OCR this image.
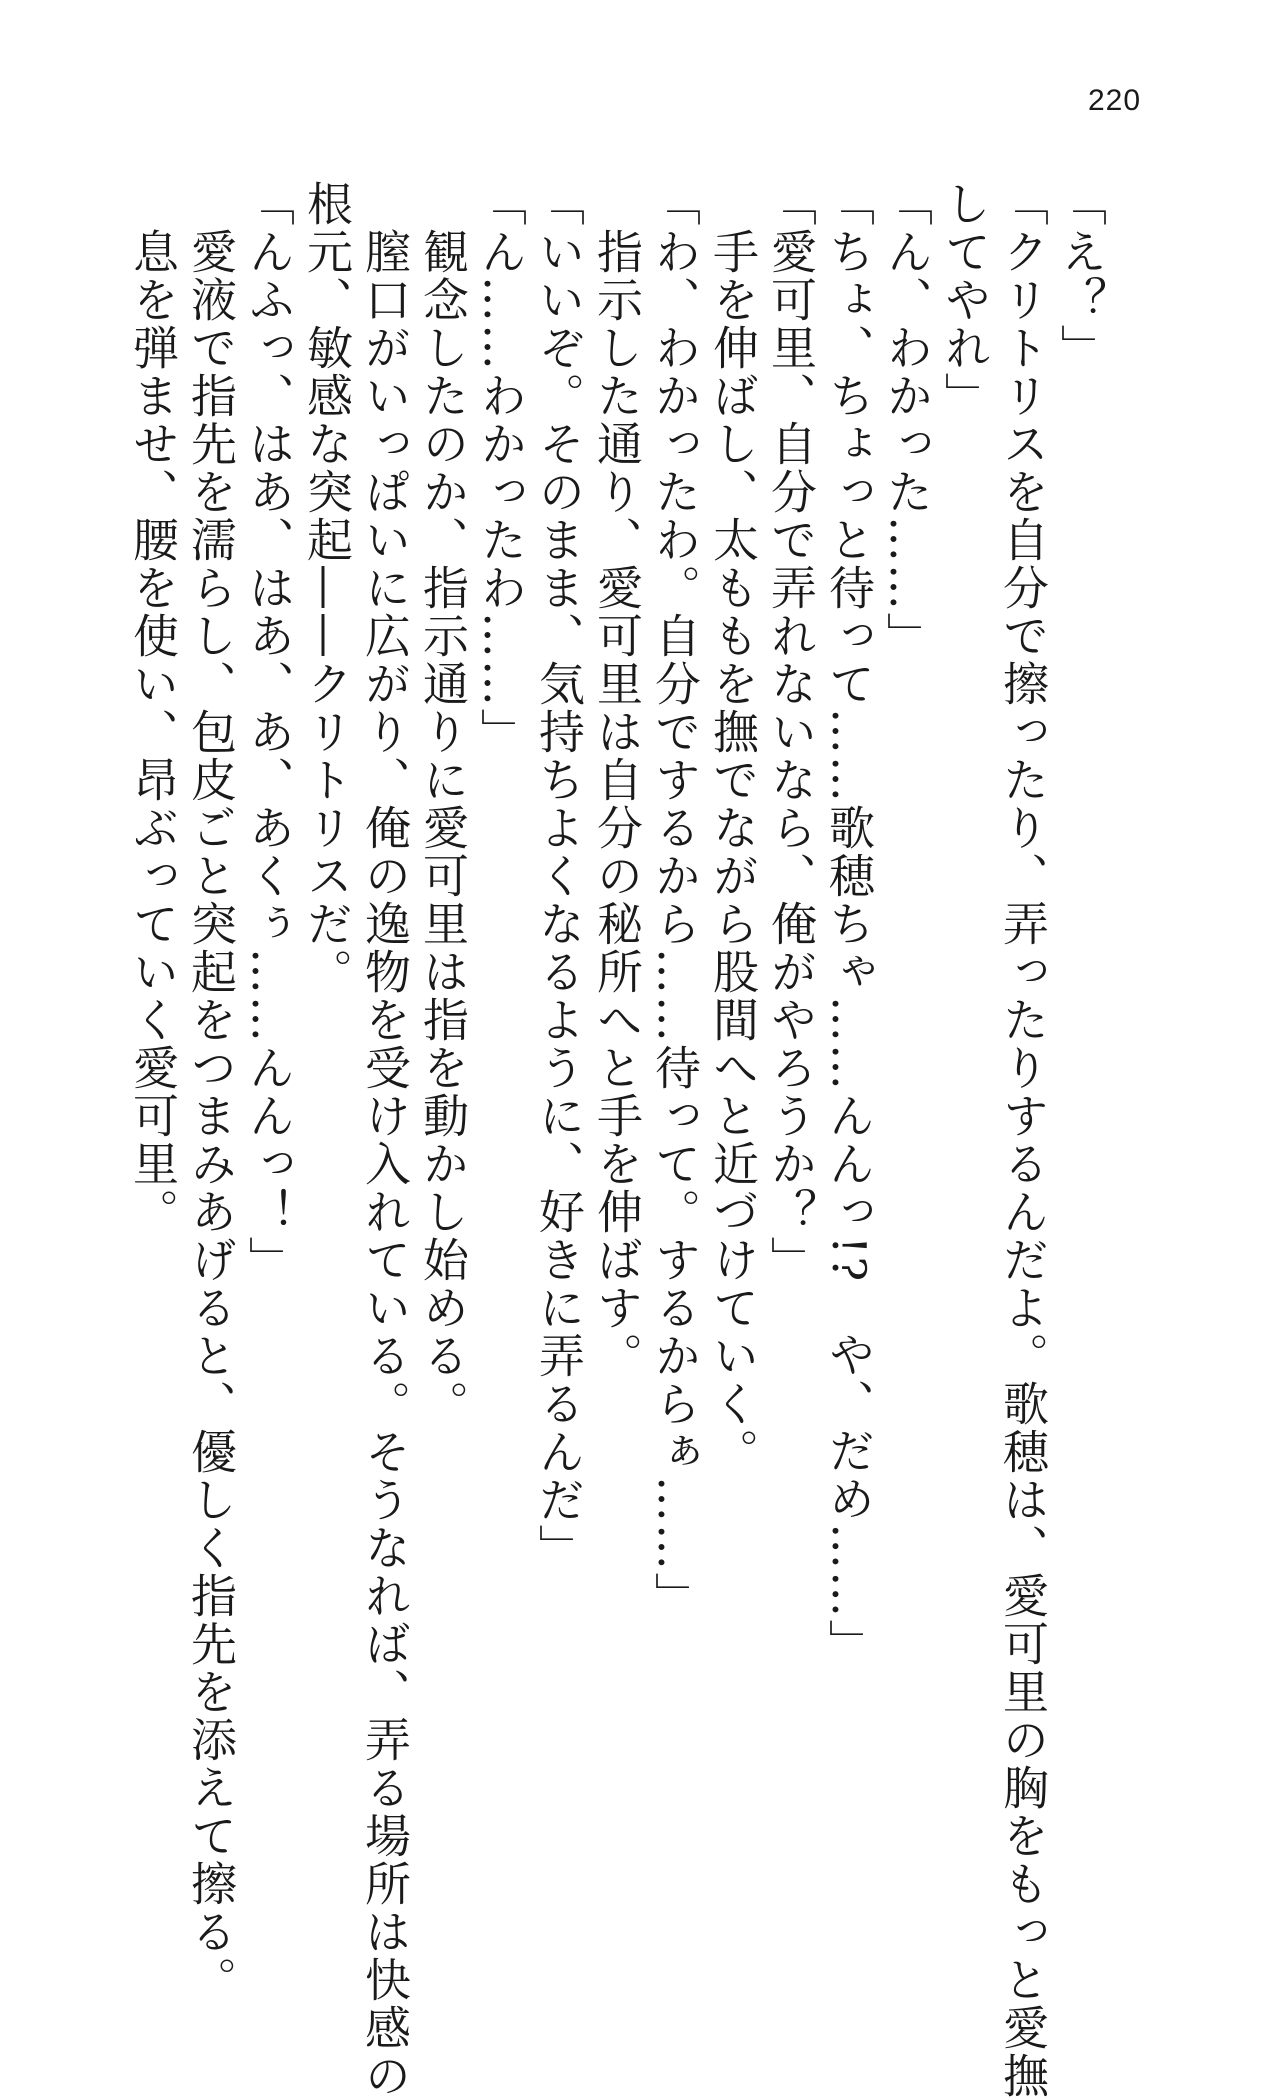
220
「え？」
「クリトリスを自分で擦ったり、弄ったりするんだよ。歌穂は、愛可里の胸をもっと愛撫
してやれ」
「ん、わかった……」
「ちょ、ちょっと待って……歌穂ちゃ……んんっ!?　や、だめ……」
「愛可里、自分で弄れないなら、俺がやろうか？」
　手を伸ばし、太ももを撫でながら股間へと近づけていく。
「わ、わかったわ。自分でするから……待って。するからぁ……」
　指示した通り、愛可里は自分の秘所へと手を伸ばす。
「いいぞ。そのまま、気持ちよくなるように、好きに弄るんだ」
「ん……わかったわ……」
　観念したのか、指示通りに愛可里は指を動かし始める。
　膣口がいっぱいに広がり、俺の逸物を受け入れている。そうなれば、弄る場所は快感の
根元、敏感な突起——クリトリスだ。
「んふっ、はあ、はあ、あ、あくぅ……んんっ！」
　愛液で指先を濡らし、包皮ごと突起をつまみあげると、優しく指先を添えて擦る。
　息を弾ませ、腰を使い、昂ぶっていく愛可里。
